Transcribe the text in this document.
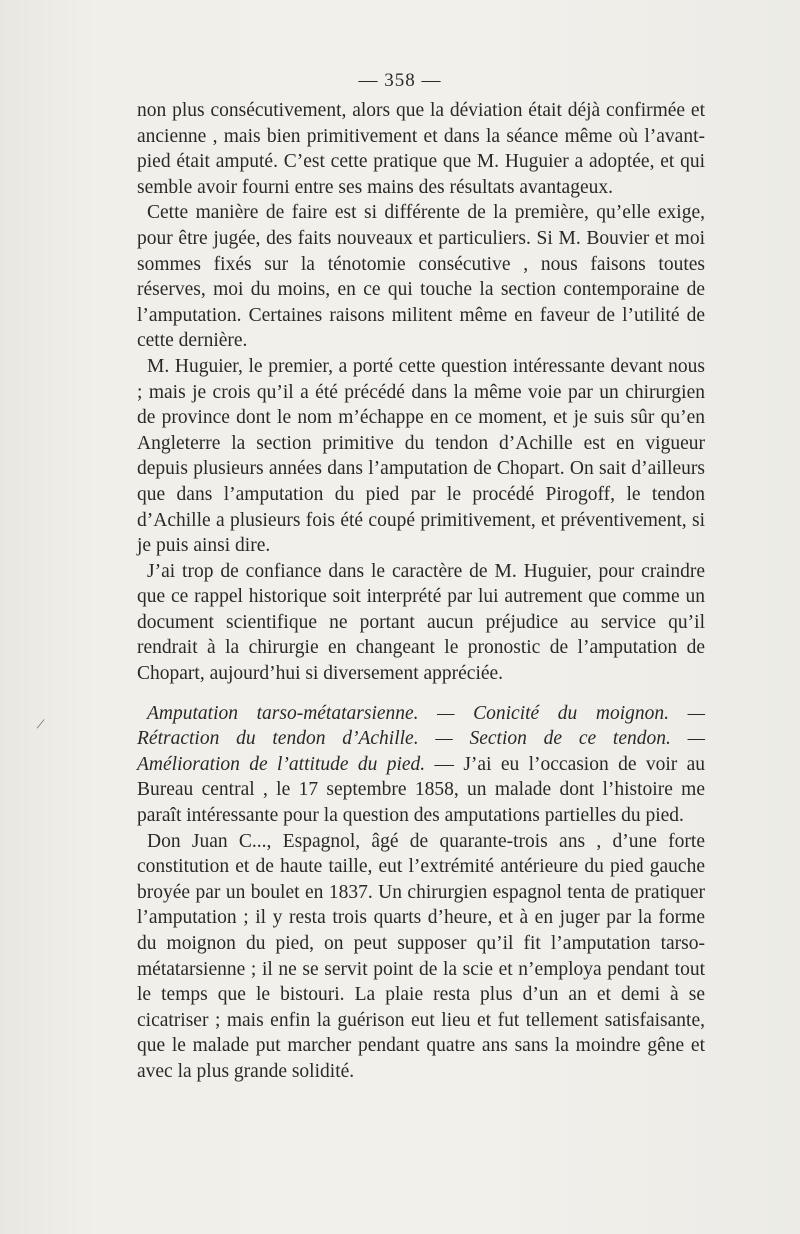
— 358 —
/

non plus consécutivement, alors que la déviation était déjà confirmée et ancienne , mais bien primitivement et dans la séance même où l’avant-pied était amputé. C’est cette pratique que M. Huguier a adoptée, et qui semble avoir fourni entre ses mains des résultats avantageux.

Cette manière de faire est si différente de la première, qu’elle exige, pour être jugée, des faits nouveaux et particuliers. Si M. Bouvier et moi sommes fixés sur la ténotomie consécutive , nous faisons toutes réserves, moi du moins, en ce qui touche la section contemporaine de l’amputation. Certaines raisons militent même en faveur de l’utilité de cette dernière.

M. Huguier, le premier, a porté cette question intéressante devant nous ; mais je crois qu’il a été précédé dans la même voie par un chirurgien de province dont le nom m’échappe en ce moment, et je suis sûr qu’en Angleterre la section primitive du tendon d’Achille est en vigueur depuis plusieurs années dans l’amputation de Chopart. On sait d’ailleurs que dans l’amputation du pied par le procédé Pirogoff, le tendon d’Achille a plusieurs fois été coupé primitivement, et préventivement, si je puis ainsi dire.

J’ai trop de confiance dans le caractère de M. Huguier, pour craindre que ce rappel historique soit interprété par lui autrement que comme un document scientifique ne portant aucun préjudice au service qu’il rendrait à la chirurgie en changeant le pronostic de l’amputation de Chopart, aujourd’hui si diversement appréciée.

Amputation tarso-métatarsienne. — Conicité du moignon. — Rétraction du tendon d’Achille. — Section de ce tendon. — Amélioration de l’attitude du pied. — J’ai eu l’occasion de voir au Bureau central , le 17 septembre 1858, un malade dont l’histoire me paraît intéressante pour la question des amputations partielles du pied.

Don Juan C..., Espagnol, âgé de quarante-trois ans , d’une forte constitution et de haute taille, eut l’extrémité antérieure du pied gauche broyée par un boulet en 1837. Un chirurgien espagnol tenta de pratiquer l’amputation ; il y resta trois quarts d’heure, et à en juger par la forme du moignon du pied, on peut supposer qu’il fit l’amputation tarso-métatarsienne ; il ne se servit point de la scie et n’employa pendant tout le temps que le bistouri. La plaie resta plus d’un an et demi à se cicatriser ; mais enfin la guérison eut lieu et fut tellement satisfaisante, que le malade put marcher pendant quatre ans sans la moindre gêne et avec la plus grande solidité.
